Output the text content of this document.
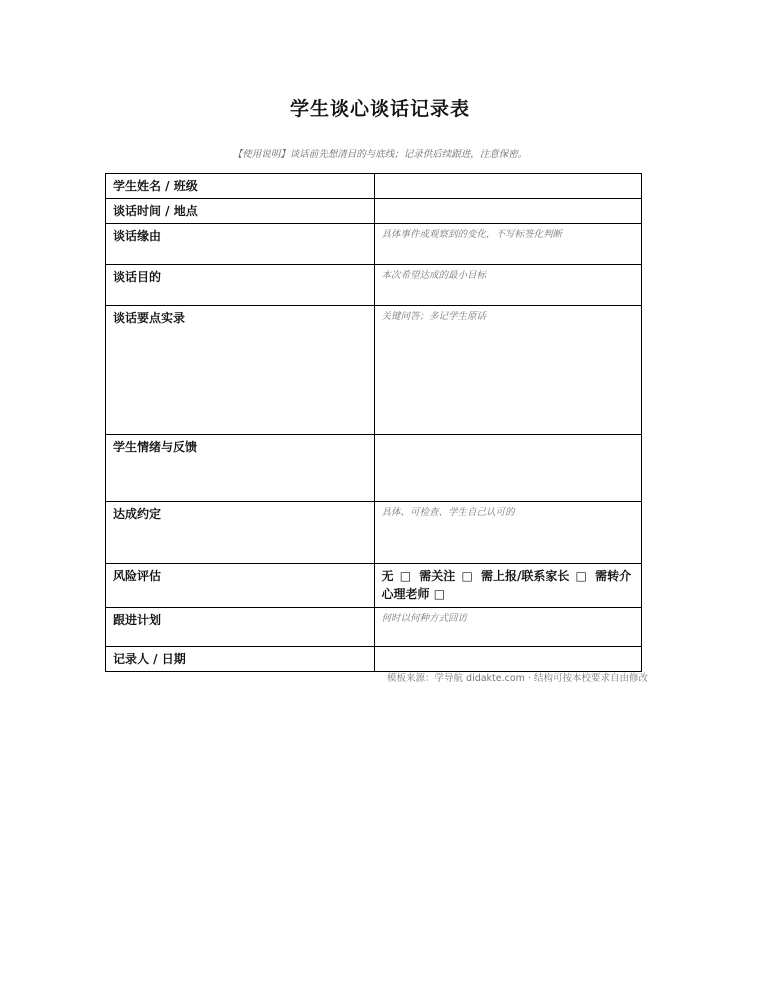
学生谈心谈话记录表
【使用说明】谈话前先想清目的与底线；记录供后续跟进，注意保密。
学生姓名 / 班级	
谈话时间 / 地点	
谈话缘由	具体事件或观察到的变化，不写标签化判断

谈话目的	本次希望达成的最小目标

谈话要点实录	关键问答；多记学生原话

学生情绪与反馈	
达成约定	具体、可检查、学生自己认可的

风险评估	无 □ 需关注 □ 需上报/联系家长 □ 需转介心理老师 □
跟进计划	何时以何种方式回访

记录人 / 日期	
模板来源：学导航 didakte.com · 结构可按本校要求自由修改
